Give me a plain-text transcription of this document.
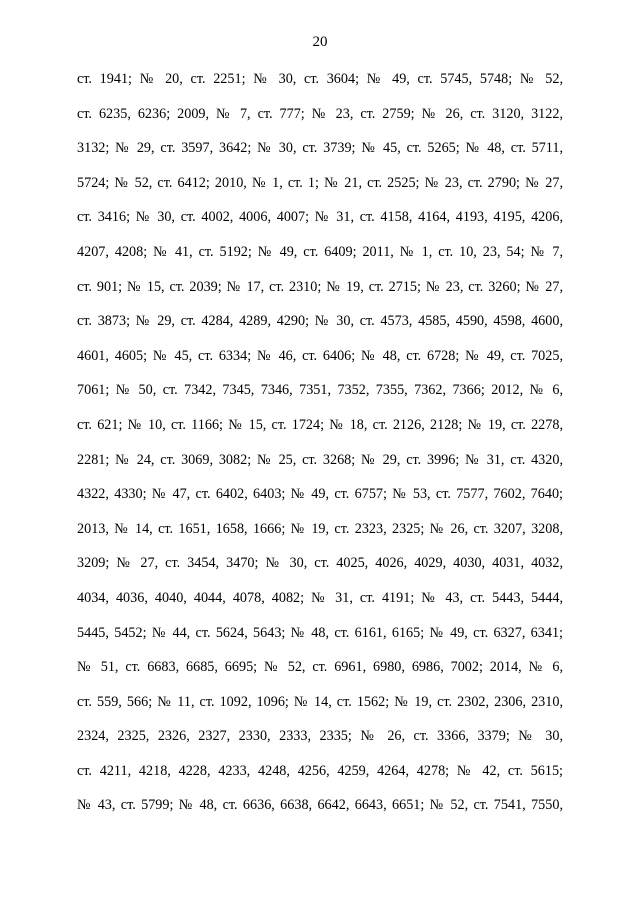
20
ст. 1941; № 20, ст. 2251; № 30, ст. 3604; № 49, ст. 5745, 5748; № 52,
ст. 6235, 6236; 2009, № 7, ст. 777; № 23, ст. 2759; № 26, ст. 3120, 3122,
3132; № 29, ст. 3597, 3642; № 30, ст. 3739; № 45, ст. 5265; № 48, ст. 5711,
5724; № 52, ст. 6412; 2010, № 1, ст. 1; № 21, ст. 2525; № 23, ст. 2790; № 27,
ст. 3416; № 30, ст. 4002, 4006, 4007; № 31, ст. 4158, 4164, 4193, 4195, 4206,
4207, 4208; № 41, ст. 5192; № 49, ст. 6409; 2011, № 1, ст. 10, 23, 54; № 7,
ст. 901; № 15, ст. 2039; № 17, ст. 2310; № 19, ст. 2715; № 23, ст. 3260; № 27,
ст. 3873; № 29, ст. 4284, 4289, 4290; № 30, ст. 4573, 4585, 4590, 4598, 4600,
4601, 4605; № 45, ст. 6334; № 46, ст. 6406; № 48, ст. 6728; № 49, ст. 7025,
7061; № 50, ст. 7342, 7345, 7346, 7351, 7352, 7355, 7362, 7366; 2012, № 6,
ст. 621; № 10, ст. 1166; № 15, ст. 1724; № 18, ст. 2126, 2128; № 19, ст. 2278,
2281; № 24, ст. 3069, 3082; № 25, ст. 3268; № 29, ст. 3996; № 31, ст. 4320,
4322, 4330; № 47, ст. 6402, 6403; № 49, ст. 6757; № 53, ст. 7577, 7602, 7640;
2013, № 14, ст. 1651, 1658, 1666; № 19, ст. 2323, 2325; № 26, ст. 3207, 3208,
3209; № 27, ст. 3454, 3470; № 30, ст. 4025, 4026, 4029, 4030, 4031, 4032,
4034, 4036, 4040, 4044, 4078, 4082; № 31, ст. 4191; № 43, ст. 5443, 5444,
5445, 5452; № 44, ст. 5624, 5643; № 48, ст. 6161, 6165; № 49, ст. 6327, 6341;
№ 51, ст. 6683, 6685, 6695; № 52, ст. 6961, 6980, 6986, 7002; 2014, № 6,
ст. 559, 566; № 11, ст. 1092, 1096; № 14, ст. 1562; № 19, ст. 2302, 2306, 2310,
2324, 2325, 2326, 2327, 2330, 2333, 2335; № 26, ст. 3366, 3379; № 30,
ст. 4211, 4218, 4228, 4233, 4248, 4256, 4259, 4264, 4278; № 42, ст. 5615;
№ 43, ст. 5799; № 48, ст. 6636, 6638, 6642, 6643, 6651; № 52, ст. 7541, 7550,
